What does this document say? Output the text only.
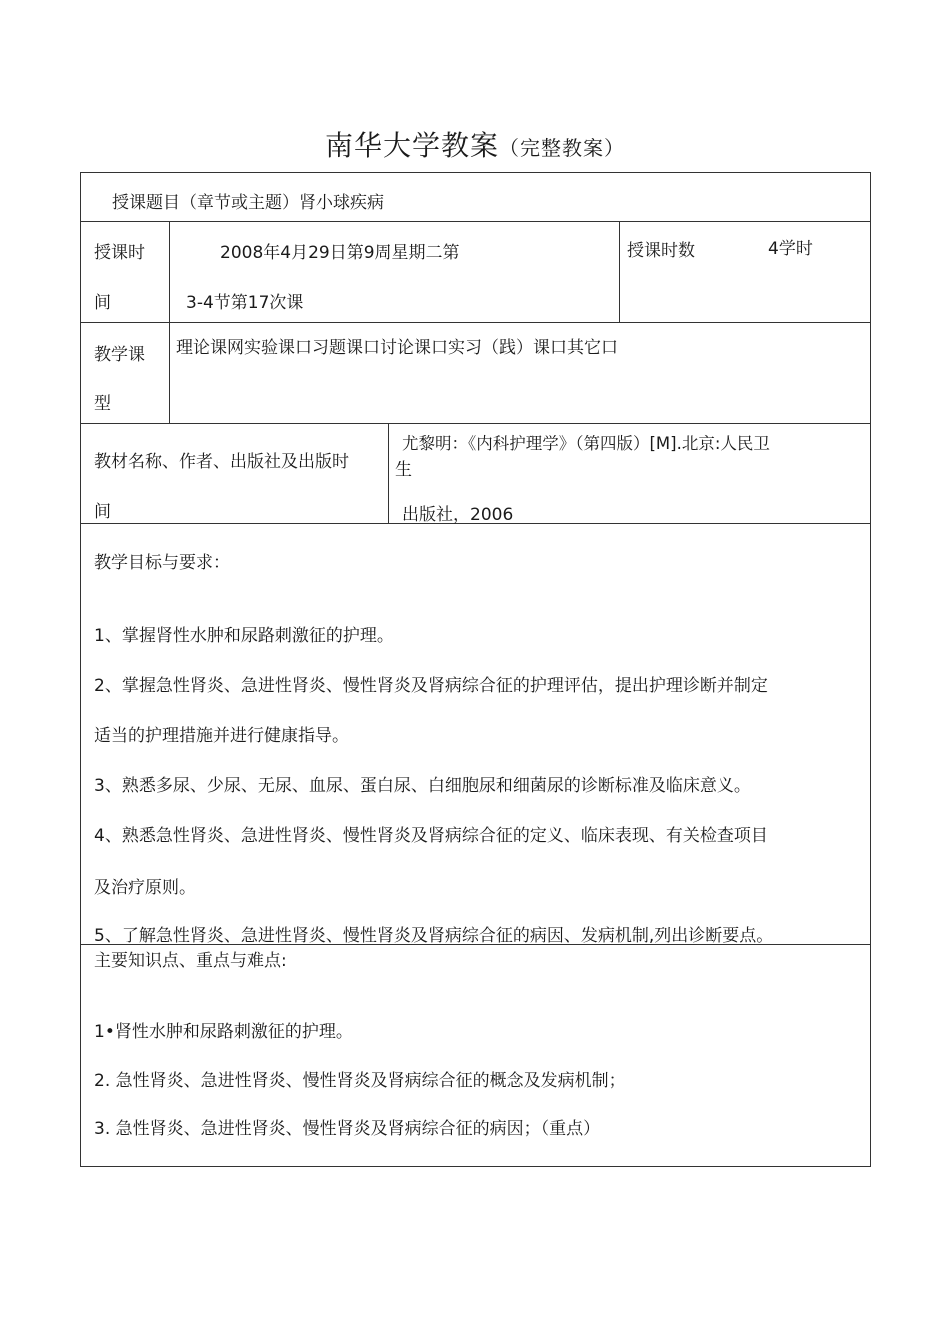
南华大学教案（完整教案）
授课题目（章节或主题）肾小球疾病
授课时
间
2008年4月29日第9周星期二第
3-4节第17次课
授课时数	4学时
教学课
型
理论课网实验课口习题课口讨论课口实习（践）课口其它口
教材名称、作者、出版社及出版时
间
尤黎明：《内科护理学》（第四版）[M].北京:人民卫
生
出版社，2006
教学目标与要求：
1、掌握肾性水肿和尿路刺激征的护理。
2、掌握急性肾炎、急进性肾炎、慢性肾炎及肾病综合征的护理评估，提出护理诊断并制定
适当的护理措施并进行健康指导。
3、熟悉多尿、少尿、无尿、血尿、蛋白尿、白细胞尿和细菌尿的诊断标准及临床意义。
4、熟悉急性肾炎、急进性肾炎、慢性肾炎及肾病综合征的定义、临床表现、有关检查项目
及治疗原则。
5、了解急性肾炎、急进性肾炎、慢性肾炎及肾病综合征的病因、发病机制,列出诊断要点。
主要知识点、重点与难点:
1•肾性水肿和尿路刺激征的护理。
2. 急性肾炎、急进性肾炎、慢性肾炎及肾病综合征的概念及发病机制；
3. 急性肾炎、急进性肾炎、慢性肾炎及肾病综合征的病因；（重点）
